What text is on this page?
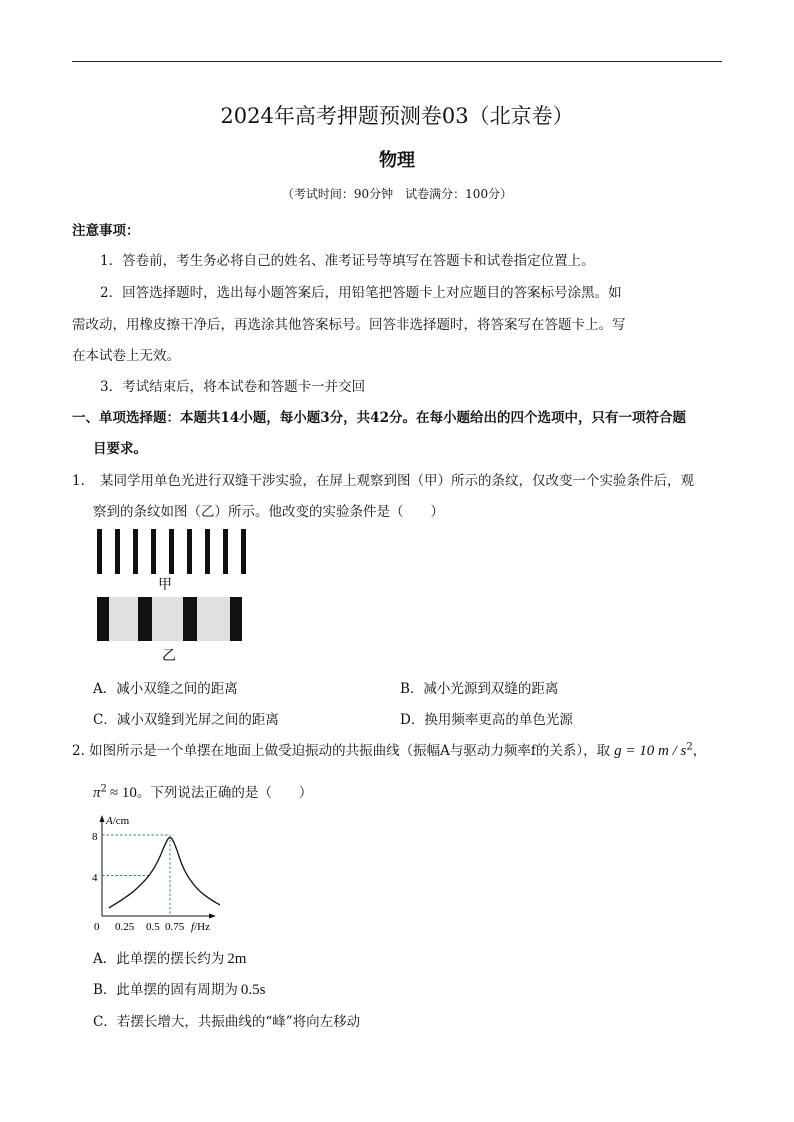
2024年高考押题预测卷03（北京卷）
物理
（考试时间：90分钟　试卷满分：100分）
注意事项：
1．答卷前，考生务必将自己的姓名、准考证号等填写在答题卡和试卷指定位置上。
2．回答选择题时，选出每小题答案后，用铅笔把答题卡上对应题目的答案标号涂黑。如
需改动，用橡皮擦干净后，再选涂其他答案标号。回答非选择题时，将答案写在答题卡上。写
在本试卷上无效。
3．考试结束后，将本试卷和答题卡一并交回
一、单项选择题：本题共14小题，每小题3分，共42分。在每小题给出的四个选项中，只有一项符合题
目要求。
1． 某同学用单色光进行双缝干涉实验，在屏上观察到图（甲）所示的条纹，仅改变一个实验条件后，观
察到的条纹如图（乙）所示。他改变的实验条件是（　　）
甲
乙
A．减小双缝之间的距离	B．减小光源到双缝的距离
C．减小双缝到光屏之间的距离	D．换用频率更高的单色光源
2. 如图所示是一个单摆在地面上做受迫振动的共振曲线（振幅A与驱动力频率f的关系），取 g = 10 m / $s^2$，
$\pi^2 \approx 10$。下列说法正确的是（　　）
A/cm
f/Hz
0
8
4
0.25 0.5 0.75
A．此单摆的摆长约为 2m
B．此单摆的固有周期为 0.5s
C．若摆长增大，共振曲线的“峰”将向左移动
